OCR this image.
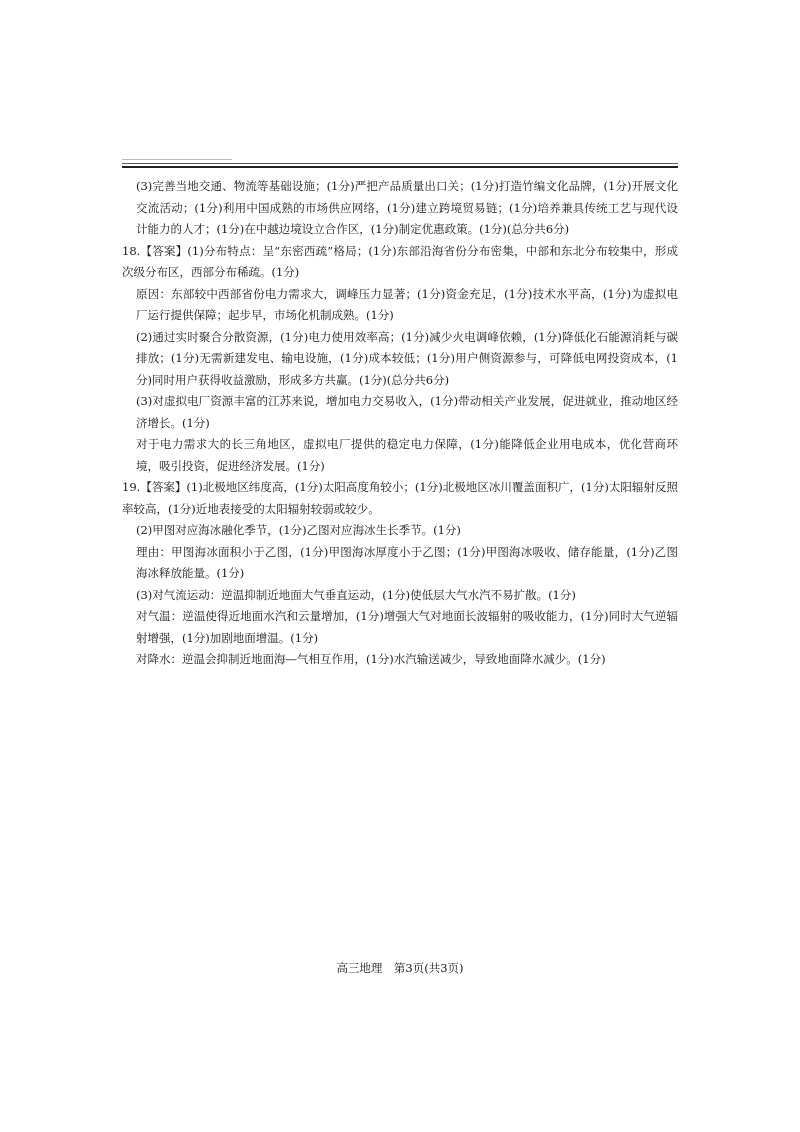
(3)完善当地交通、物流等基础设施；(1分)严把产品质量出口关；(1分)打造竹编文化品牌，(1分)开展文化交流活动；(1分)利用中国成熟的市场供应网络，(1分)建立跨境贸易链；(1分)培养兼具传统工艺与现代设计能力的人才；(1分)在中越边境设立合作区，(1分)制定优惠政策。(1分)(总分共6分)

18.【答案】(1)分布特点：呈“东密西疏”格局；(1分)东部沿海省份分布密集，中部和东北分布较集中，形成次级分布区，西部分布稀疏。(1分)

原因：东部较中西部省份电力需求大，调峰压力显著；(1分)资金充足，(1分)技术水平高，(1分)为虚拟电厂运行提供保障；起步早，市场化机制成熟。(1分)

(2)通过实时聚合分散资源，(1分)电力使用效率高；(1分)减少火电调峰依赖，(1分)降低化石能源消耗与碳排放；(1分)无需新建发电、输电设施，(1分)成本较低；(1分)用户侧资源参与，可降低电网投资成本，(1分)同时用户获得收益激励，形成多方共赢。(1分)(总分共6分)

(3)对虚拟电厂资源丰富的江苏来说，增加电力交易收入，(1分)带动相关产业发展，促进就业，推动地区经济增长。(1分)

对于电力需求大的长三角地区，虚拟电厂提供的稳定电力保障，(1分)能降低企业用电成本，优化营商环境，吸引投资，促进经济发展。(1分)

19.【答案】(1)北极地区纬度高，(1分)太阳高度角较小；(1分)北极地区冰川覆盖面积广，(1分)太阳辐射反照率较高，(1分)近地表接受的太阳辐射较弱或较少。

(2)甲图对应海冰融化季节，(1分)乙图对应海冰生长季节。(1分)

理由：甲图海冰面积小于乙图，(1分)甲图海冰厚度小于乙图；(1分)甲图海冰吸收、储存能量，(1分)乙图海冰释放能量。(1分)

(3)对气流运动：逆温抑制近地面大气垂直运动，(1分)使低层大气水汽不易扩散。(1分)

对气温：逆温使得近地面水汽和云量增加，(1分)增强大气对地面长波辐射的吸收能力，(1分)同时大气逆辐射增强，(1分)加剧地面增温。(1分)

对降水：逆温会抑制近地面海—气相互作用，(1分)水汽输送减少，导致地面降水减少。(1分)

高三地理　第3页(共3页)
